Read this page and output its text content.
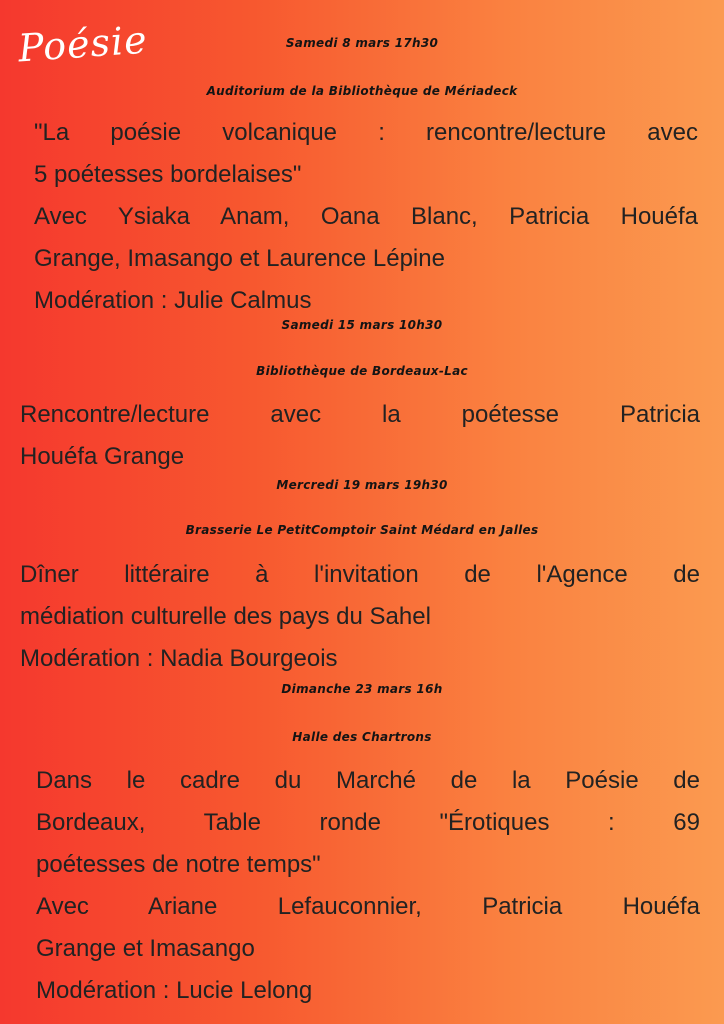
Poésie	Samedi 8 mars 17h30
Auditorium de la Bibliothèque de Mériadeck
"La poésie volcanique : rencontre/lecture avec
5 poétesses bordelaises"
Avec Ysiaka Anam, Oana Blanc, Patricia Houéfa
Grange, Imasango et Laurence Lépine
Modération : Julie Calmus
Samedi 15 mars 10h30
Bibliothèque de Bordeaux-Lac
Rencontre/lecture avec la poétesse Patricia
Houéfa Grange
Mercredi 19 mars 19h30
Brasserie Le PetitComptoir Saint Médard en Jalles
Dîner littéraire à l'invitation de l'Agence de
médiation culturelle des pays du Sahel
Modération : Nadia Bourgeois
Dimanche 23 mars 16h
Halle des Chartrons
Dans le cadre du Marché de la Poésie de
Bordeaux, Table ronde "Érotiques : 69
poétesses de notre temps"
Avec Ariane Lefauconnier, Patricia Houéfa
Grange et Imasango
Modération : Lucie Lelong
